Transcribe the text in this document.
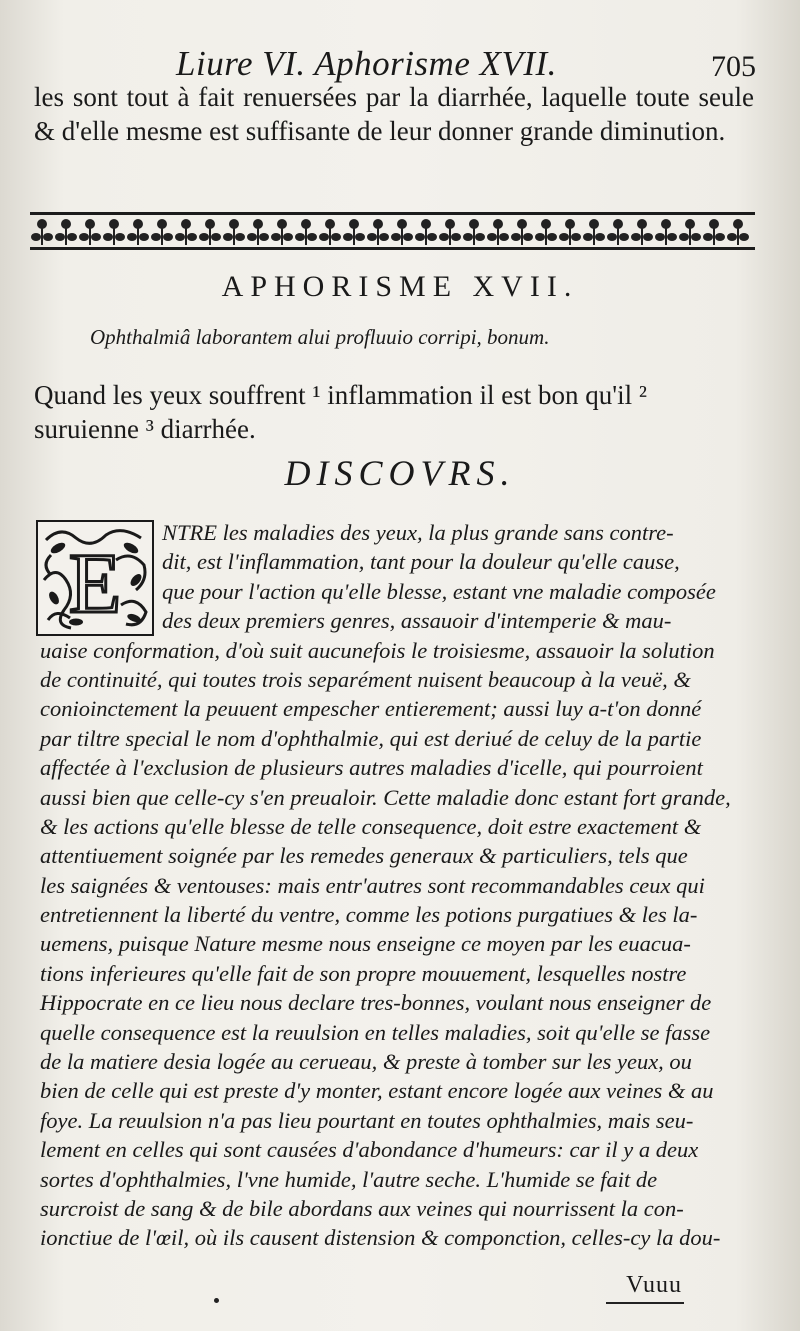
Liure VI. Aphorisme XVII.	705
les sont tout à fait renuersées par la diarrhée, laquelle toute seule & d'elle mesme est suffisante de leur donner grande diminution.
APHORISME XVII.
Ophthalmiâ laborantem alui profluuio corripi, bonum.
Quand les yeux souffrent ¹ inflammation il est bon qu'il ² suruienne ³ diarrhée.
DISCOVRS.
NTRE les maladies des yeux, la plus grande sans contre-
dit, est l'inflammation, tant pour la douleur qu'elle cause,
que pour l'action qu'elle blesse, estant vne maladie composée
des deux premiers genres, assauoir d'intemperie & mau-
uaise conformation, d'où suit aucunefois le troisiesme, assauoir la solution
de continuité, qui toutes trois separément nuisent beaucoup à la veuë, &
conioinctement la peuuent empescher entierement; aussi luy a-t'on donné
par tiltre special le nom d'ophthalmie, qui est deriué de celuy de la partie
affectée à l'exclusion de plusieurs autres maladies d'icelle, qui pourroient
aussi bien que celle-cy s'en preualoir. Cette maladie donc estant fort grande,
& les actions qu'elle blesse de telle consequence, doit estre exactement &
attentiuement soignée par les remedes generaux & particuliers, tels que
les saignées & ventouses: mais entr'autres sont recommandables ceux qui
entretiennent la liberté du ventre, comme les potions purgatiues & les la-
uemens, puisque Nature mesme nous enseigne ce moyen par les euacua-
tions inferieures qu'elle fait de son propre mouuement, lesquelles nostre
Hippocrate en ce lieu nous declare tres-bonnes, voulant nous enseigner de
quelle consequence est la reuulsion en telles maladies, soit qu'elle se fasse
de la matiere desia logée au cerueau, & preste à tomber sur les yeux, ou
bien de celle qui est preste d'y monter, estant encore logée aux veines & au
foye. La reuulsion n'a pas lieu pourtant en toutes ophthalmies, mais seu-
lement en celles qui sont causées d'abondance d'humeurs: car il y a deux
sortes d'ophthalmies, l'vne humide, l'autre seche. L'humide se fait de
surcroist de sang & de bile abordans aux veines qui nourrissent la con-
ionctiue de l'œil, où ils causent distension & componction, celles-cy la dou-
E
Vuuu
